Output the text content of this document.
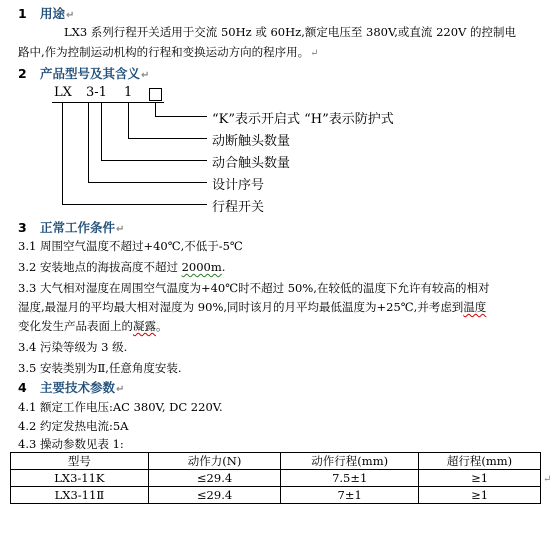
1 用途↵
LX3 系列行程开关适用于交流 50Hz 或 60Hz,额定电压至 380V,或直流 220V 的控制电
路中,作为控制运动机构的行程和变换运动方向的程序用。↵
2 产品型号及其含义↵
LX 3-1 1
“K”表示开启式 “H”表示防护式
动断触头数量
动合触头数量
设计序号
行程开关
3 正常工作条件↵
3.1 周围空气温度不超过+40℃,不低于-5℃
3.2 安装地点的海拔高度不超过 2000m.
3.3 大气相对湿度在周围空气温度为+40℃时不超过 50%,在较低的温度下允许有较高的相对
湿度,最湿月的平均最大相对湿度为 90%,同时该月的月平均最低温度为+25℃,并考虑到温度
变化发生产品表面上的凝露。
3.4 污染等级为 3 级.
3.5 安装类别为Ⅱ,任意角度安装.
4 主要技术参数↵
4.1 额定工作电压:AC 380V, DC 220V.
4.2 约定发热电流:5A
4.3 操动参数见表 1:
型号	动作力(N)	动作行程(mm)	超行程(mm)
LX3-11K	≤29.4	7.5±1	≥1
LX3-11Ⅱ	≤29.4	7±1	≥1
↵
